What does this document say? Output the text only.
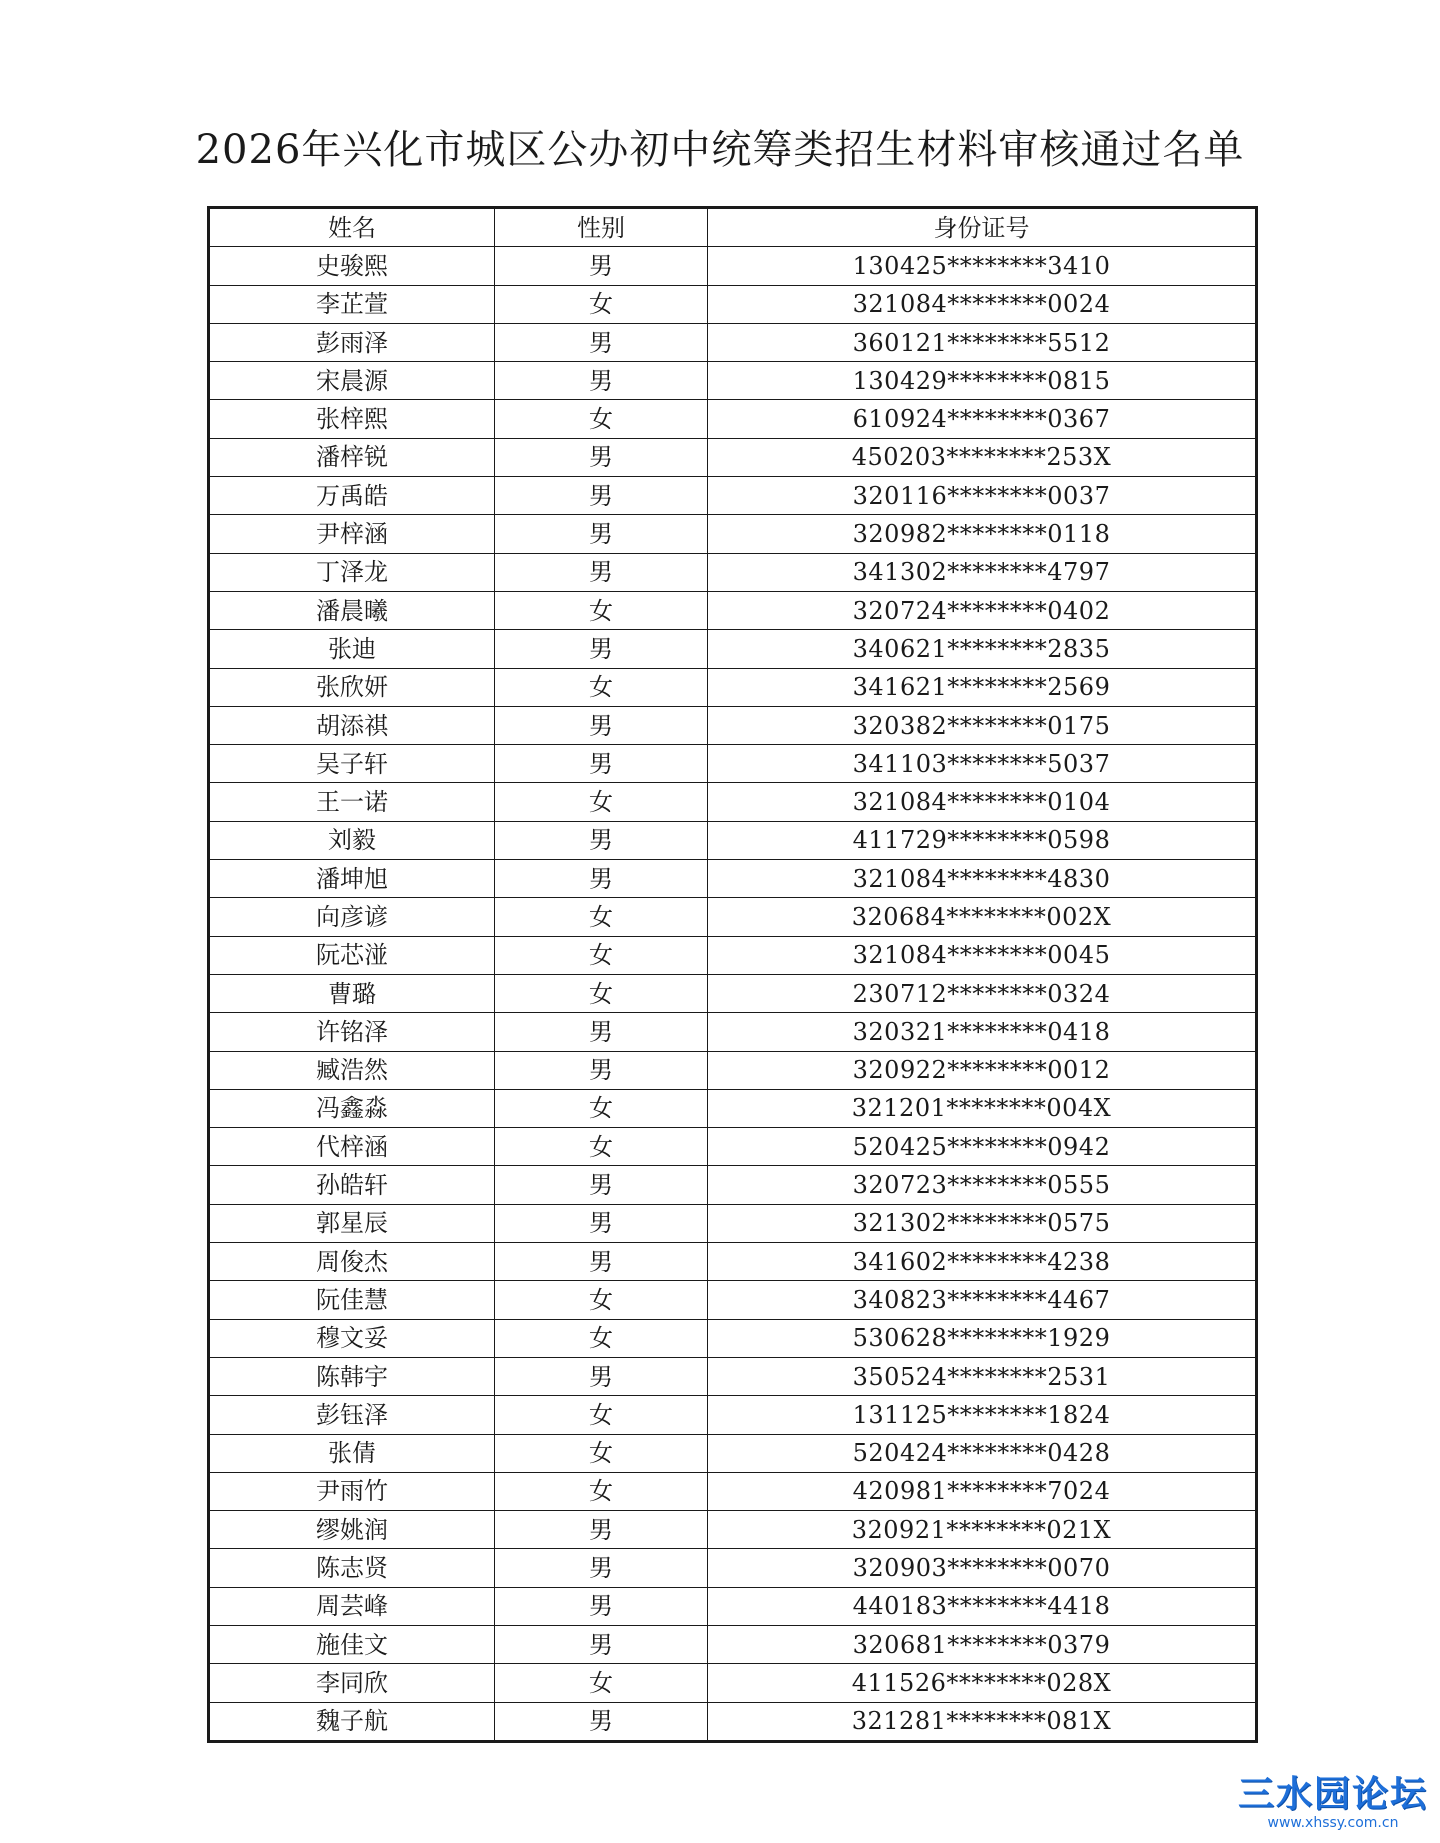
2026年兴化市城区公办初中统筹类招生材料审核通过名单
姓名	性别	身份证号
史骏熙	男	130425********3410
李芷萱	女	321084********0024
彭雨泽	男	360121********5512
宋晨源	男	130429********0815
张梓熙	女	610924********0367
潘梓锐	男	450203********253X
万禹皓	男	320116********0037
尹梓涵	男	320982********0118
丁泽龙	男	341302********4797
潘晨曦	女	320724********0402
张迪	男	340621********2835
张欣妍	女	341621********2569
胡添祺	男	320382********0175
吴子轩	男	341103********5037
王一诺	女	321084********0104
刘毅	男	411729********0598
潘坤旭	男	321084********4830
向彦谚	女	320684********002X
阮芯湴	女	321084********0045
曹璐	女	230712********0324
许铭泽	男	320321********0418
臧浩然	男	320922********0012
冯鑫淼	女	321201********004X
代梓涵	女	520425********0942
孙皓轩	男	320723********0555
郭星辰	男	321302********0575
周俊杰	男	341602********4238
阮佳慧	女	340823********4467
穆文妥	女	530628********1929
陈韩宇	男	350524********2531
彭钰泽	女	131125********1824
张倩	女	520424********0428
尹雨竹	女	420981********7024
缪姚润	男	320921********021X
陈志贤	男	320903********0070
周芸峰	男	440183********4418
施佳文	男	320681********0379
李同欣	女	411526********028X
魏子航	男	321281********081X
三水园论坛
www.xhssy.com.cn
